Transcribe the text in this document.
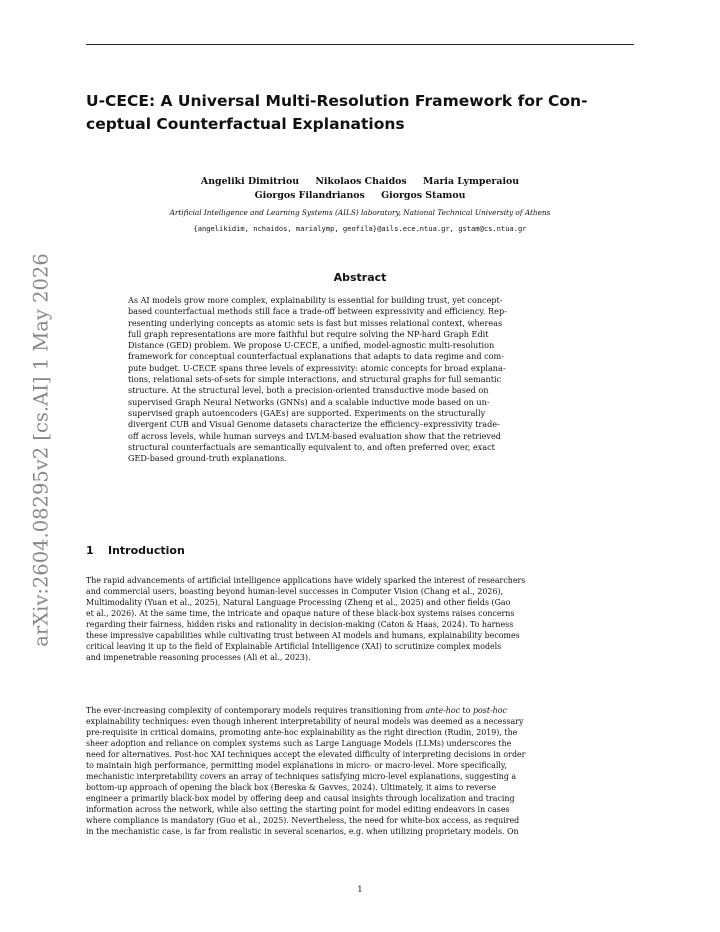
arXiv:2604.08295v2 [cs.AI] 1 May 2026
U-CECE: A Universal Multi-Resolution Framework for Con-
ceptual Counterfactual Explanations
Angeliki Dimitriou     Nikolaos Chaidos     Maria Lymperaiou
Giorgos Filandrianos     Giorgos Stamou
Artificial Intelligence and Learning Systems (AILS) laboratory, National Technical University of Athens
{angelikidim, nchaidos, marialymp, geofila}@ails.ece.ntua.gr, gstam@cs.ntua.gr
Abstract
As AI models grow more complex, explainability is essential for building trust, yet concept-
based counterfactual methods still face a trade-off between expressivity and efficiency. Rep-
resenting underlying concepts as atomic sets is fast but misses relational context, whereas
full graph representations are more faithful but require solving the NP-hard Graph Edit
Distance (GED) problem. We propose U-CECE, a unified, model-agnostic multi-resolution
framework for conceptual counterfactual explanations that adapts to data regime and com-
pute budget. U-CECE spans three levels of expressivity: atomic concepts for broad explana-
tions, relational sets-of-sets for simple interactions, and structural graphs for full semantic
structure. At the structural level, both a precision-oriented transductive mode based on
supervised Graph Neural Networks (GNNs) and a scalable inductive mode based on un-
supervised graph autoencoders (GAEs) are supported. Experiments on the structurally
divergent CUB and Visual Genome datasets characterize the efficiency–expressivity trade-
off across levels, while human surveys and LVLM-based evaluation show that the retrieved
structural counterfactuals are semantically equivalent to, and often preferred over, exact
GED-based ground-truth explanations.
1 Introduction
The rapid advancements of artificial intelligence applications have widely sparked the interest of researchers
and commercial users, boasting beyond human-level successes in Computer Vision (Chang et al., 2026),
Multimodality (Yuan et al., 2025), Natural Language Processing (Zheng et al., 2025) and other fields (Gao
et al., 2026). At the same time, the intricate and opaque nature of these black-box systems raises concerns
regarding their fairness, hidden risks and rationality in decision-making (Caton & Haas, 2024). To harness
these impressive capabilities while cultivating trust between AI models and humans, explainability becomes
critical leaving it up to the field of Explainable Artificial Intelligence (XAI) to scrutinize complex models
and impenetrable reasoning processes (Ali et al., 2023).
The ever-increasing complexity of contemporary models requires transitioning from ante-hoc to post-hoc
explainability techniques: even though inherent interpretability of neural models was deemed as a necessary
pre-requisite in critical domains, promoting ante-hoc explainability as the right direction (Rudin, 2019), the
sheer adoption and reliance on complex systems such as Large Language Models (LLMs) underscores the
need for alternatives. Post-hoc XAI techniques accept the elevated difficulty of interpreting decisions in order
to maintain high performance, permitting model explanations in micro- or macro-level. More specifically,
mechanistic interpretability covers an array of techniques satisfying micro-level explanations, suggesting a
bottom-up approach of opening the black box (Bereska & Gavves, 2024). Ultimately, it aims to reverse
engineer a primarily black-box model by offering deep and causal insights through localization and tracing
information across the network, while also setting the starting point for model editing endeavors in cases
where compliance is mandatory (Guo et al., 2025). Nevertheless, the need for white-box access, as required
in the mechanistic case, is far from realistic in several scenarios, e.g. when utilizing proprietary models. On
1
